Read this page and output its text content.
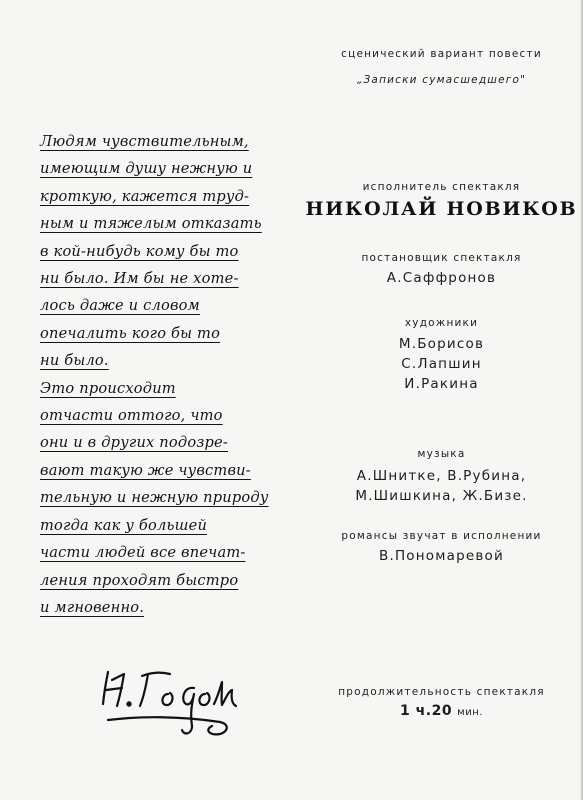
Людям чувствительным,
имеющим душу нежную и
кроткую, кажется труд-
ным и тяжелым отказать
в кой-нибудь кому бы то
ни было. Им бы не хоте-
лось даже и словом
опечалить кого бы то
ни было.
Это происходит
отчасти оттого, что
они и в других подозре-
вают такую же чувстви-
тельную и нежную природу
тогда как у большей
части людей все впечат-
ления проходят быстро
и мгновенно.
сценический вариант повести
„Записки сумасшедшего"
исполнитель спектакля
НИКОЛАЙ НОВИКОВ
постановщик спектакля
А.Саффронов
художники
М.Борисов
С.Лапшин
И.Ракина
музыка
А.Шнитке, В.Рубина,
М.Шишкина, Ж.Бизе.
романсы звучат в исполнении
В.Пономаревой
продолжительность спектакля
1 ч.20 мин.
